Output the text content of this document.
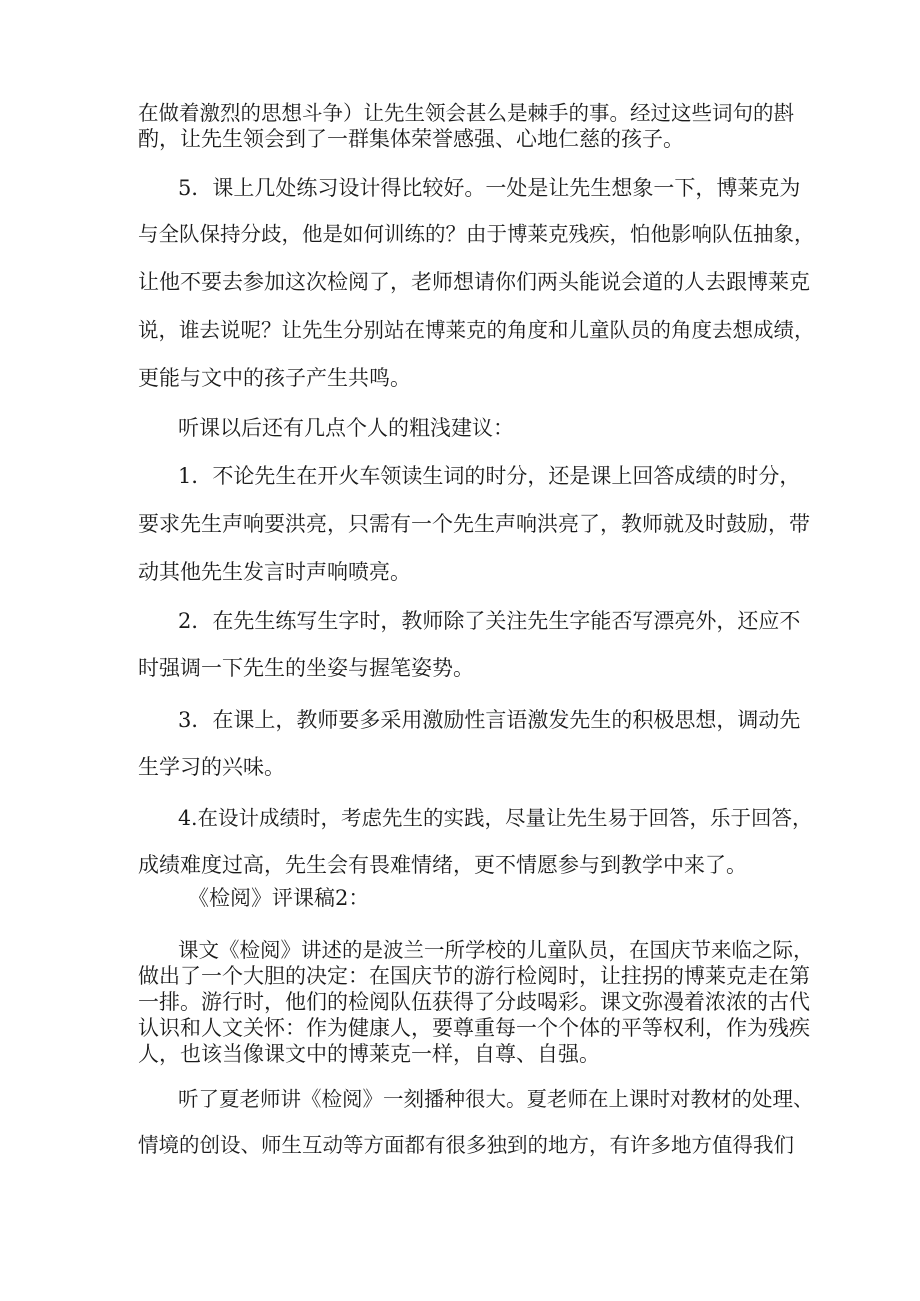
在做着激烈的思想斗争）让先生领会甚么是棘手的事。经过这些词句的斟

酌，让先生领会到了一群集体荣誉感强、心地仁慈的孩子。

5．课上几处练习设计得比较好。一处是让先生想象一下，博莱克为

与全队保持分歧，他是如何训练的？由于博莱克残疾，怕他影响队伍抽象，

让他不要去参加这次检阅了，老师想请你们两头能说会道的人去跟博莱克

说，谁去说呢？让先生分别站在博莱克的角度和儿童队员的角度去想成绩，

更能与文中的孩子产生共鸣。

听课以后还有几点个人的粗浅建议：

1．不论先生在开火车领读生词的时分，还是课上回答成绩的时分，

要求先生声响要洪亮，只需有一个先生声响洪亮了，教师就及时鼓励，带

动其他先生发言时声响喷亮。

2．在先生练写生字时，教师除了关注先生字能否写漂亮外，还应不

时强调一下先生的坐姿与握笔姿势。

3．在课上，教师要多采用激励性言语激发先生的积极思想，调动先

生学习的兴味。

4.在设计成绩时，考虑先生的实践，尽量让先生易于回答，乐于回答，

成绩难度过高，先生会有畏难情绪，更不情愿参与到教学中来了。

《检阅》评课稿2：

课文《检阅》讲述的是波兰一所学校的儿童队员，在国庆节来临之际，

做出了一个大胆的决定：在国庆节的游行检阅时，让拄拐的博莱克走在第

一排。游行时，他们的检阅队伍获得了分歧喝彩。课文弥漫着浓浓的古代

认识和人文关怀：作为健康人，要尊重每一个个体的平等权利，作为残疾

人，也该当像课文中的博莱克一样，自尊、自强。

听了夏老师讲《检阅》一刻播种很大。夏老师在上课时对教材的处理、

情境的创设、师生互动等方面都有很多独到的地方，有许多地方值得我们
